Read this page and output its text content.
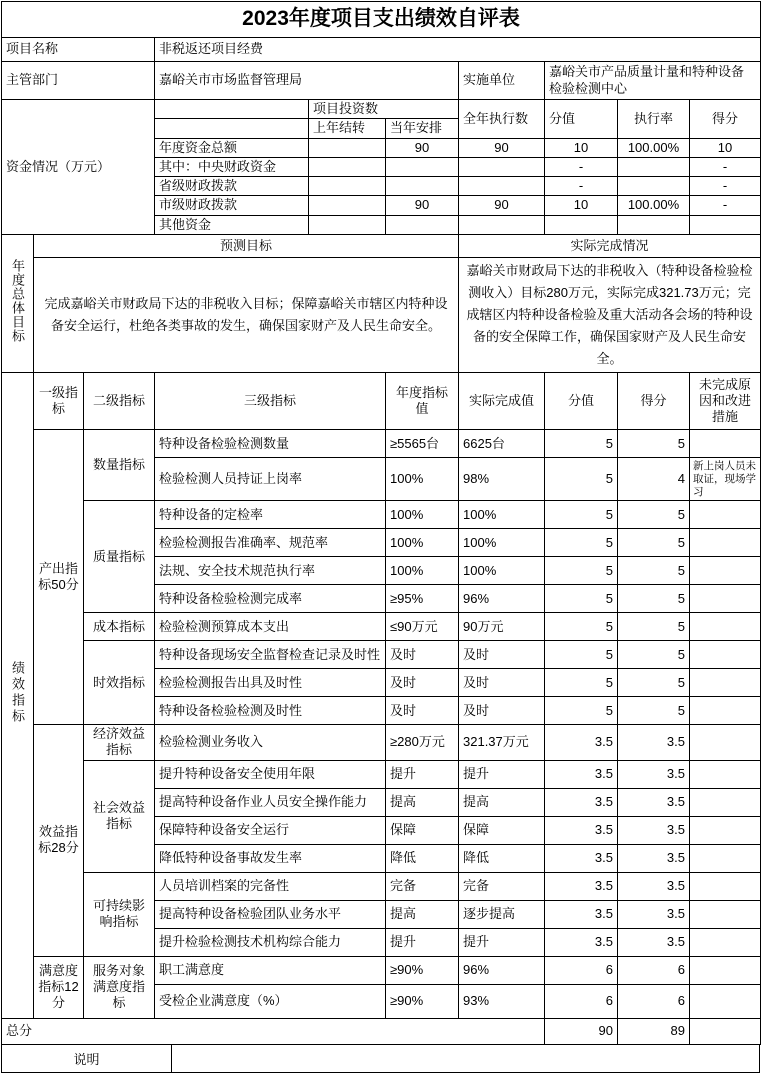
2023年度项目支出绩效自评表									
项目名称			非税返还项目经费						
主管部门			嘉峪关市市场监督管理局			实施单位	嘉峪关市产品质量计量和特种设备检验检测中心		
资金情况（万元）				项目投资数		全年执行数	分值	执行率	得分
				上年结转	当年安排				
			年度资金总额		90	90	10	100.00%	10
			其中：中央财政资金				-		-
			省级财政拨款				-		-
			市级财政拨款		90	90	10	100.00%	-
			其他资金						
年度总体目标	预测目标					实际完成情况			
	完成嘉峪关市财政局下达的非税收入目标；保障嘉峪关市辖区内特种设备安全运行，杜绝各类事故的发生，确保国家财产及人民生命安全。					嘉峪关市财政局下达的非税收入（特种设备检验检测收入）目标280万元，实际完成321.73万元；完成辖区内特种设备检验及重大活动各会场的特种设备的安全保障工作，确保国家财产及人民生命安全。			
绩效指标	一级指标	二级指标	三级指标		年度指标值	实际完成值	分值	得分	未完成原因和改进措施
	产出指标50分	数量指标	特种设备检验检测数量		≥5565台	6625台	5	5	
			检验检测人员持证上岗率		100%	98%	5	4	新上岗人员未取证，现场学习
		质量指标	特种设备的定检率		100%	100%	5	5	
			检验检测报告准确率、规范率		100%	100%	5	5	
			法规、安全技术规范执行率		100%	100%	5	5	
			特种设备检验检测完成率		≥95%	96%	5	5	
		成本指标	检验检测预算成本支出		≤90万元	90万元	5	5	
		时效指标	特种设备现场安全监督检查记录及时性		及时	及时	5	5	
			检验检测报告出具及时性		及时	及时	5	5	
			特种设备检验检测及时性		及时	及时	5	5	
	效益指标28分	经济效益指标	检验检测业务收入		≥280万元	321.37万元	3.5	3.5	
		社会效益指标	提升特种设备安全使用年限		提升	提升	3.5	3.5	
			提高特种设备作业人员安全操作能力		提高	提高	3.5	3.5	
			保障特种设备安全运行		保障	保障	3.5	3.5	
			降低特种设备事故发生率		降低	降低	3.5	3.5	
		可持续影响指标	人员培训档案的完备性		完备	完备	3.5	3.5	
			提高特种设备检验团队业务水平		提高	逐步提高	3.5	3.5	
			提升检验检测技术机构综合能力		提升	提升	3.5	3.5	
	满意度指标12分	服务对象满意度指标	职工满意度		≥90%	96%	6	6	
			受检企业满意度（%）		≥90%	93%	6	6	
总分							90	89	
说明
